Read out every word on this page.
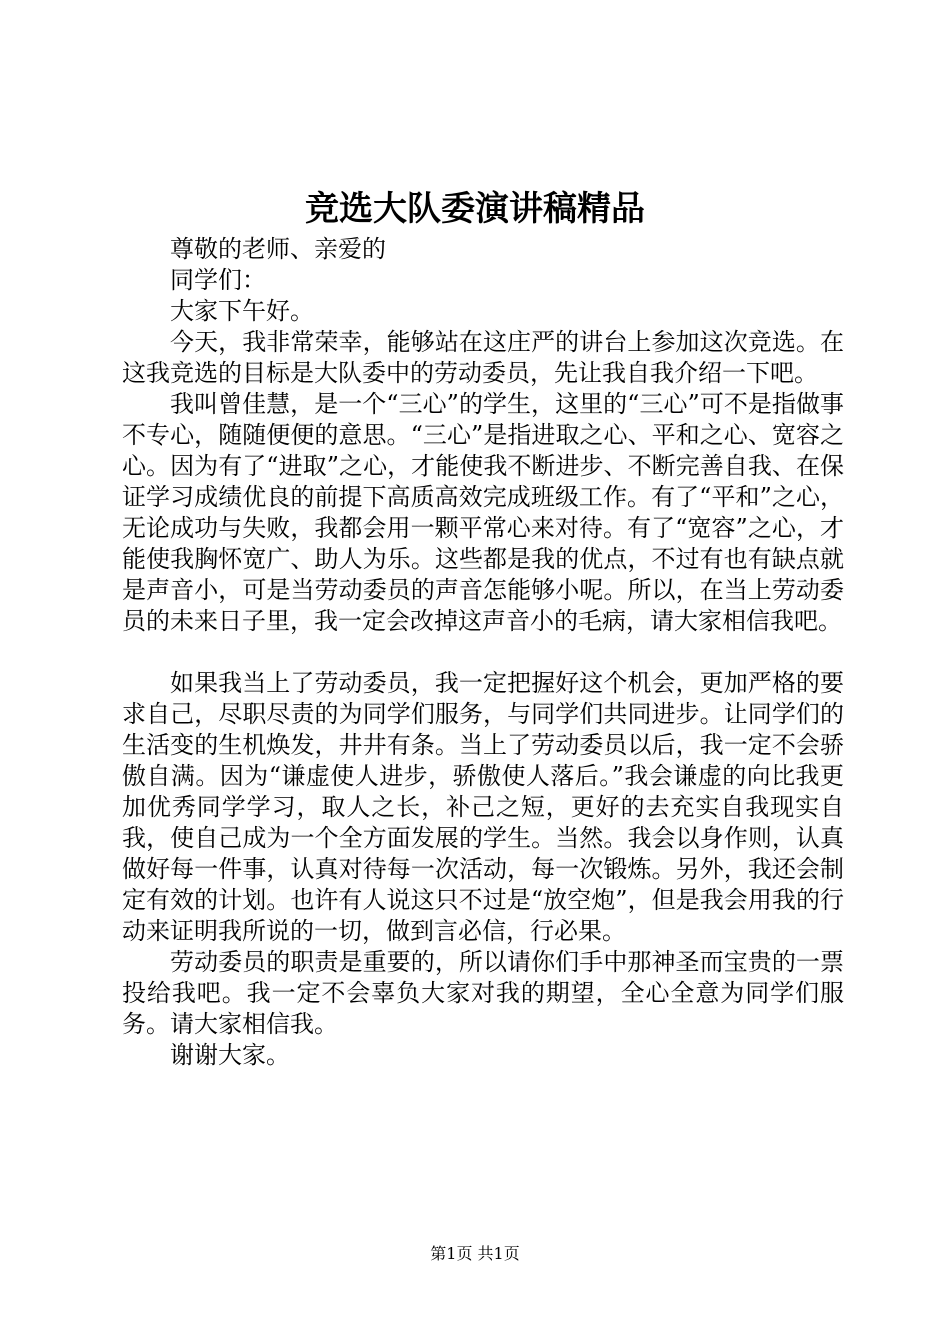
竞选大队委演讲稿精品

尊敬的老师、亲爱的

同学们：

大家下午好。

今天，我非常荣幸，能够站在这庄严的讲台上参加这次竞选。在这我竞选的目标是大队委中的劳动委员，先让我自我介绍一下吧。

我叫曾佳慧，是一个“三心”的学生，这里的“三心”可不是指做事不专心，随随便便的意思。“三心”是指进取之心、平和之心、宽容之心。因为有了“进取”之心，才能使我不断进步、不断完善自我、在保证学习成绩优良的前提下高质高效完成班级工作。有了“平和”之心，无论成功与失败，我都会用一颗平常心来对待。有了“宽容”之心，才能使我胸怀宽广、助人为乐。这些都是我的优点，不过有也有缺点就是声音小，可是当劳动委员的声音怎能够小呢。所以，在当上劳动委员的未来日子里，我一定会改掉这声音小的毛病，请大家相信我吧。

如果我当上了劳动委员，我一定把握好这个机会，更加严格的要求自己，尽职尽责的为同学们服务，与同学们共同进步。让同学们的生活变的生机焕发，井井有条。当上了劳动委员以后，我一定不会骄傲自满。因为“谦虚使人进步，骄傲使人落后。”我会谦虚的向比我更加优秀同学学习，取人之长，补己之短，更好的去充实自我现实自我，使自己成为一个全方面发展的学生。当然。我会以身作则，认真做好每一件事，认真对待每一次活动，每一次锻炼。另外，我还会制定有效的计划。也许有人说这只不过是“放空炮”，但是我会用我的行动来证明我所说的一切，做到言必信，行必果。

劳动委员的职责是重要的，所以请你们手中那神圣而宝贵的一票投给我吧。我一定不会辜负大家对我的期望，全心全意为同学们服务。请大家相信我。

谢谢大家。

第1页 共1页
